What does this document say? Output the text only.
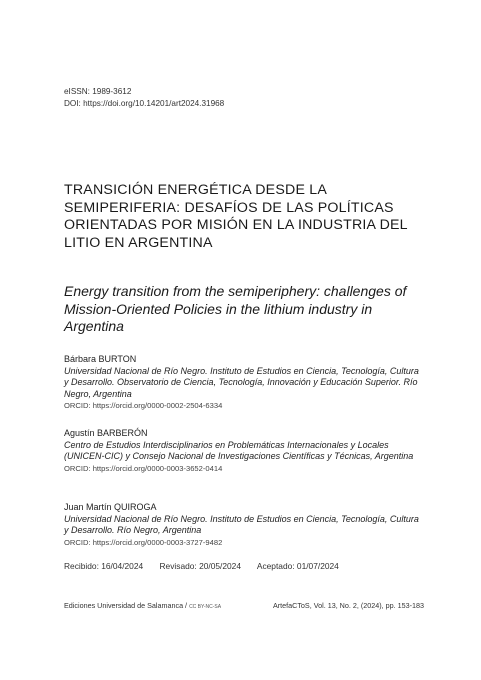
eISSN: 1989-3612
DOI: https://doi.org/10.14201/art2024.31968
TRANSICIÓN ENERGÉTICA DESDE LA SEMIPERIFERIA: DESAFÍOS DE LAS POLÍTICAS ORIENTADAS POR MISIÓN EN LA INDUSTRIA DEL LITIO EN ARGENTINA
Energy transition from the semiperiphery: challenges of Mission-Oriented Policies in the lithium industry in Argentina
Bárbara BURTON
Universidad Nacional de Río Negro. Instituto de Estudios en Ciencia, Tecnología, Cultura y Desarrollo. Observatorio de Ciencia, Tecnología, Innovación y Educación Superior. Río Negro, Argentina
ORCID: https://orcid.org/0000-0002-2504-6334
Agustín BARBERÓN
Centro de Estudios Interdisciplinarios en Problemáticas Internacionales y Locales (UNICEN-CIC) y Consejo Nacional de Investigaciones Científicas y Técnicas, Argentina
ORCID: https://orcid.org/0000-0003-3652-0414
Juan Martín QUIROGA
Universidad Nacional de Río Negro. Instituto de Estudios en Ciencia, Tecnología, Cultura y Desarrollo. Río Negro, Argentina
ORCID: https://orcid.org/0000-0003-3727-9482
Recibido: 16/04/2024 Revisado: 20/05/2024 Aceptado: 01/07/2024
Ediciones Universidad de Salamanca / CC BY-NC-SA	ArtefaCToS, Vol. 13, No. 2, (2024), pp. 153-183
